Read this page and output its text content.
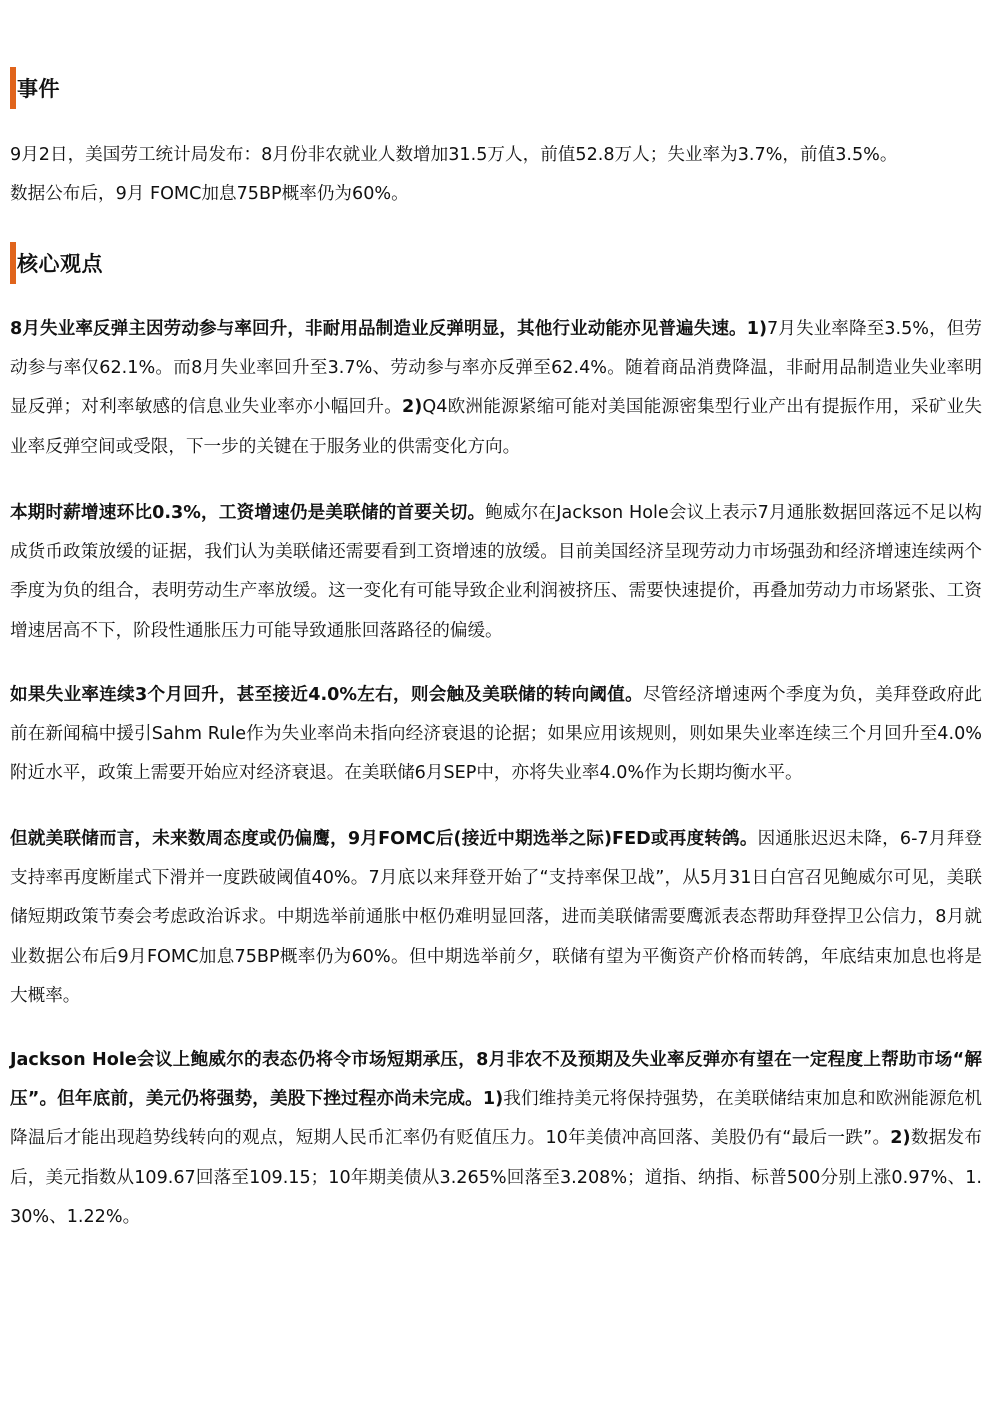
事件
9月2日，美国劳工统计局发布：8月份非农就业人数增加31.5万人，前值52.8万人；失业率为3.7%，前值3.5%。
数据公布后，9月 FOMC加息75BP概率仍为60%。
核心观点

8月失业率反弹主因劳动参与率回升，非耐用品制造业反弹明显，其他行业动能亦见普遍失速。1)7月失业率降至3.5%，但劳动参与率仅62.1%。而8月失业率回升至3.7%、劳动参与率亦反弹至62.4%。随着商品消费降温，非耐用品制造业失业率明显反弹；对利率敏感的信息业失业率亦小幅回升。2)Q4欧洲能源紧缩可能对美国能源密集型行业产出有提振作用，采矿业失业率反弹空间或受限，下一步的关键在于服务业的供需变化方向。

本期时薪增速环比0.3%，工资增速仍是美联储的首要关切。鲍威尔在Jackson Hole会议上表示7月通胀数据回落远不足以构成货币政策放缓的证据，我们认为美联储还需要看到工资增速的放缓。目前美国经济呈现劳动力市场强劲和经济增速连续两个季度为负的组合，表明劳动生产率放缓。这一变化有可能导致企业利润被挤压、需要快速提价，再叠加劳动力市场紧张、工资增速居高不下，阶段性通胀压力可能导致通胀回落路径的偏缓。

如果失业率连续3个月回升，甚至接近4.0%左右，则会触及美联储的转向阈值。尽管经济增速两个季度为负，美拜登政府此前在新闻稿中援引Sahm Rule作为失业率尚未指向经济衰退的论据；如果应用该规则，则如果失业率连续三个月回升至4.0%附近水平，政策上需要开始应对经济衰退。在美联储6月SEP中，亦将失业率4.0%作为长期均衡水平。

但就美联储而言，未来数周态度或仍偏鹰，9月FOMC后(接近中期选举之际)FED或再度转鸽。因通胀迟迟未降，6-7月拜登支持率再度断崖式下滑并一度跌破阈值40%。7月底以来拜登开始了“支持率保卫战”，从5月31日白宫召见鲍威尔可见，美联储短期政策节奏会考虑政治诉求。中期选举前通胀中枢仍难明显回落，进而美联储需要鹰派表态帮助拜登捍卫公信力，8月就业数据公布后9月FOMC加息75BP概率仍为60%。但中期选举前夕，联储有望为平衡资产价格而转鸽，年底结束加息也将是大概率。

Jackson Hole会议上鲍威尔的表态仍将令市场短期承压，8月非农不及预期及失业率反弹亦有望在一定程度上帮助市场“解压”。但年底前，美元仍将强势，美股下挫过程亦尚未完成。1)我们维持美元将保持强势，在美联储结束加息和欧洲能源危机降温后才能出现趋势线转向的观点，短期人民币汇率仍有贬值压力。10年美债冲高回落、美股仍有“最后一跌”。2)数据发布后，美元指数从109.67回落至109.15；10年期美债从3.265%回落至3.208%；道指、纳指、标普500分别上涨0.97%、1.30%、1.22%。
